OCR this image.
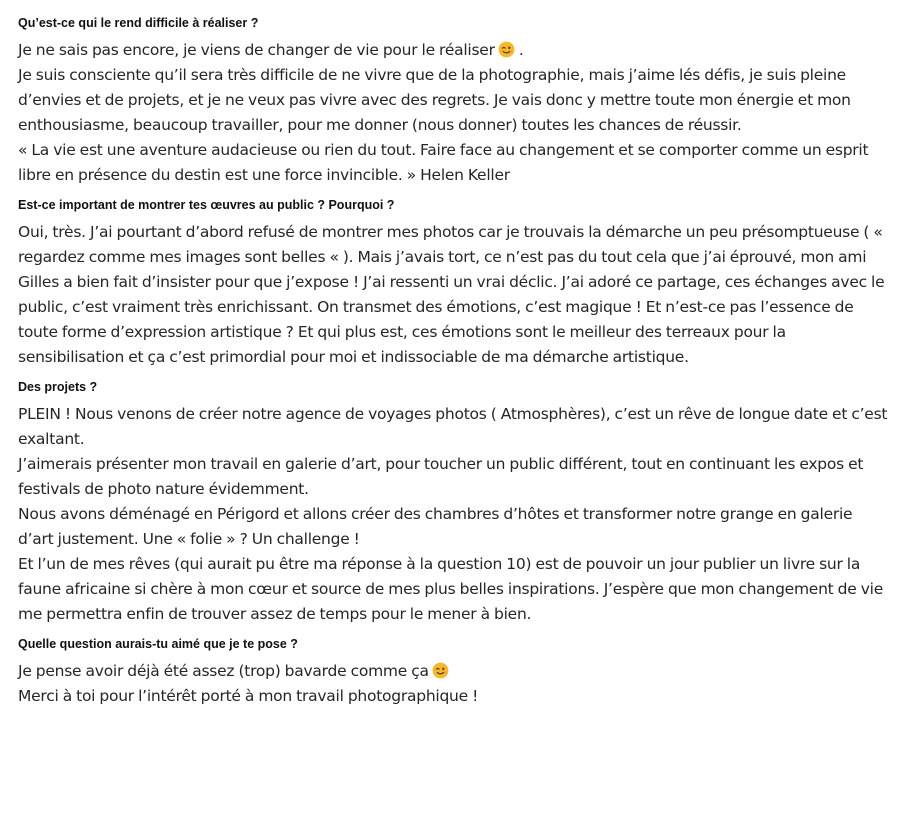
Qu’est-ce qui le rend difficile à réaliser ?

Je ne sais pas encore, je viens de changer de vie pour le réaliser .

Je suis consciente qu’il sera très difficile de ne vivre que de la photographie, mais j’aime lés défis, je suis pleine d’envies et de projets, et je ne veux pas vivre avec des regrets. Je vais donc y mettre toute mon énergie et mon enthousiasme, beaucoup travailler, pour me donner (nous donner) toutes les chances de réussir.

« La vie est une aventure audacieuse ou rien du tout. Faire face au changement et se comporter comme un esprit libre en présence du destin est une force invincible. » Helen Keller

Est-ce important de montrer tes œuvres au public ? Pourquoi ?

Oui, très. J’ai pourtant d’abord refusé de montrer mes photos car je trouvais la démarche un peu présomptueuse ( « regardez comme mes images sont belles « ). Mais j’avais tort, ce n’est pas du tout cela que j’ai éprouvé, mon ami Gilles a bien fait d’insister pour que j’expose ! J’ai ressenti un vrai déclic. J’ai adoré ce partage, ces échanges avec le public, c’est vraiment très enrichissant. On transmet des émotions, c’est magique ! Et n’est-ce pas l’essence de toute forme d’expression artistique ? Et qui plus est, ces émotions sont le meilleur des terreaux pour la sensibilisation et ça c’est primordial pour moi et indissociable de ma démarche artistique.

Des projets ?

PLEIN ! Nous venons de créer notre agence de voyages photos ( Atmosphères), c’est un rêve de longue date et c’est exaltant.

J’aimerais présenter mon travail en galerie d’art, pour toucher un public différent, tout en continuant les expos et festivals de photo nature évidemment.

Nous avons déménagé en Périgord et allons créer des chambres d’hôtes et transformer notre grange en galerie d’art justement. Une « folie » ? Un challenge !

Et l’un de mes rêves (qui aurait pu être ma réponse à la question 10) est de pouvoir un jour publier un livre sur la faune africaine si chère à mon cœur et source de mes plus belles inspirations. J’espère que mon changement de vie me permettra enfin de trouver assez de temps pour le mener à bien.

Quelle question aurais-tu aimé que je te pose ?

Je pense avoir déjà été assez (trop) bavarde comme ça

Merci à toi pour l’intérêt porté à mon travail photographique !
